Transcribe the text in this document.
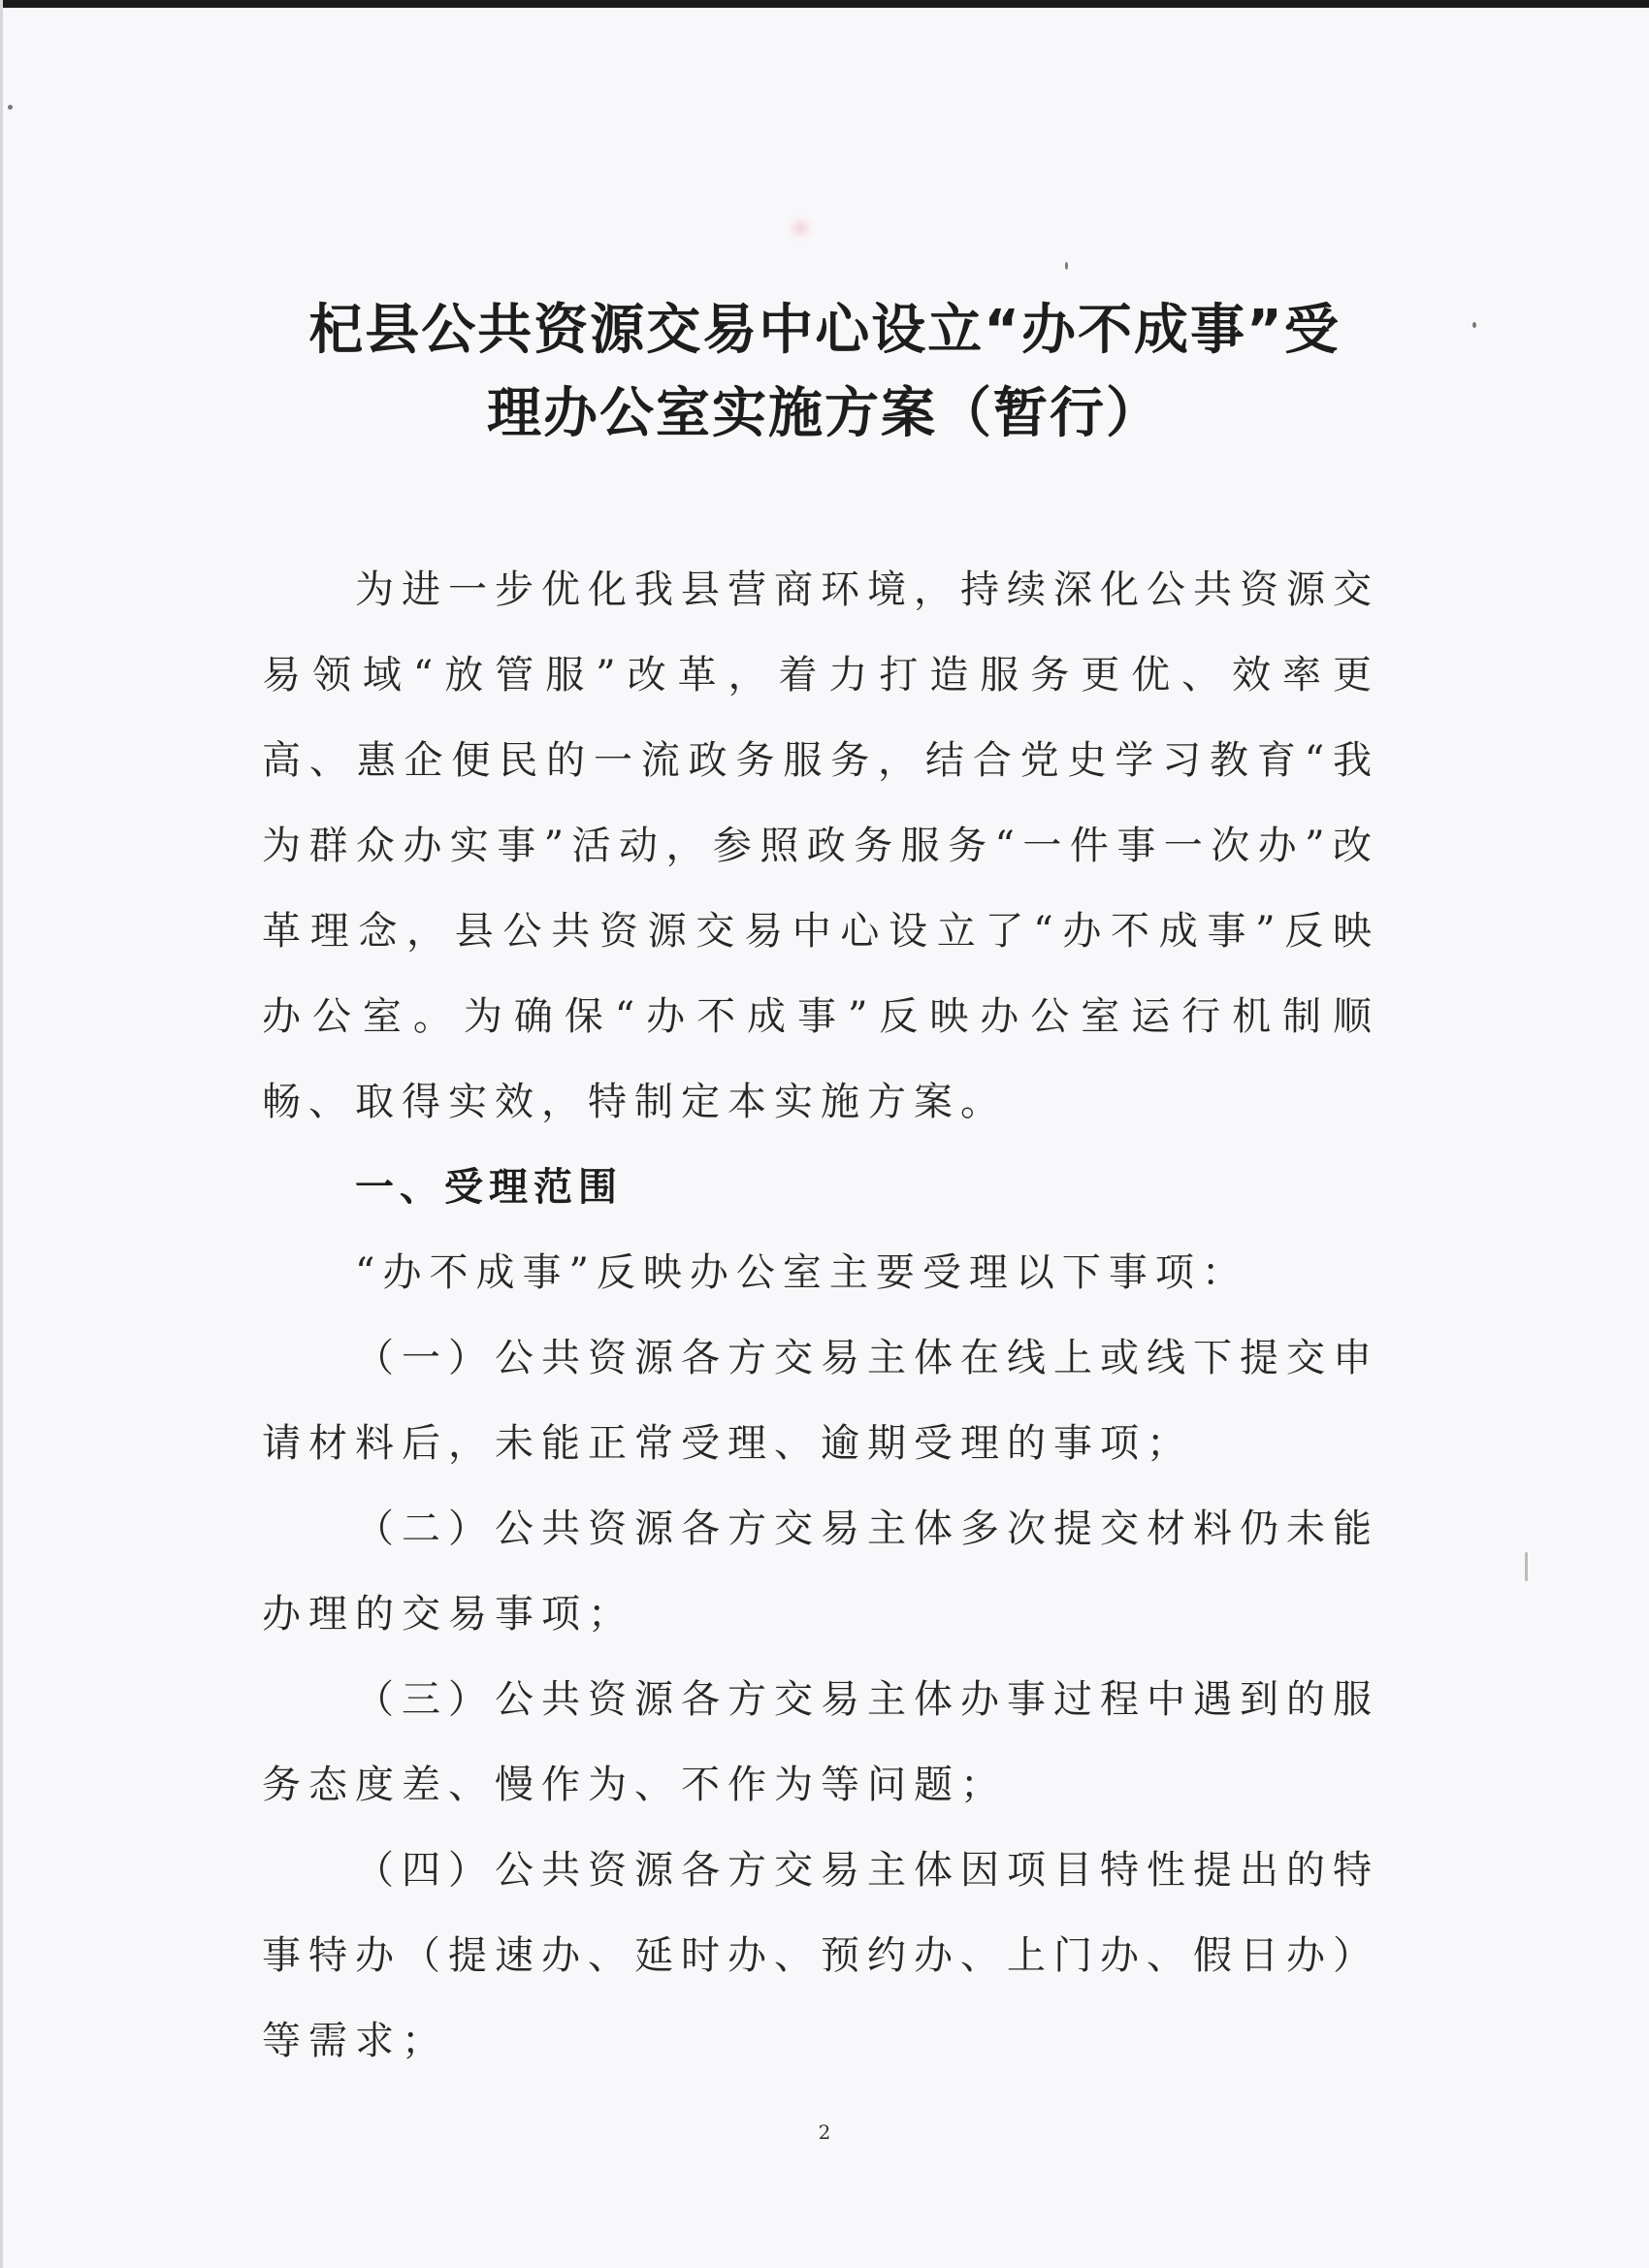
杞县公共资源交易中心设立“办不成事”受
理办公室实施方案（暂行）

为进一步优化我县营商环境，持续深化公共资源交易领域“放管服”改革，着力打造服务更优、效率更高、惠企便民的一流政务服务，结合党史学习教育“我为群众办实事”活动，参照政务服务“一件事一次办”改革理念，县公共资源交易中心设立了“办不成事”反映办公室。为确保“办不成事”反映办公室运行机制顺畅、取得实效，特制定本实施方案。

一、受理范围

“办不成事”反映办公室主要受理以下事项：

（一）公共资源各方交易主体在线上或线下提交申请材料后，未能正常受理、逾期受理的事项；

（二）公共资源各方交易主体多次提交材料仍未能办理的交易事项；

（三）公共资源各方交易主体办事过程中遇到的服务态度差、慢作为、不作为等问题；

（四）公共资源各方交易主体因项目特性提出的特事特办（提速办、延时办、预约办、上门办、假日办）等需求；

2
